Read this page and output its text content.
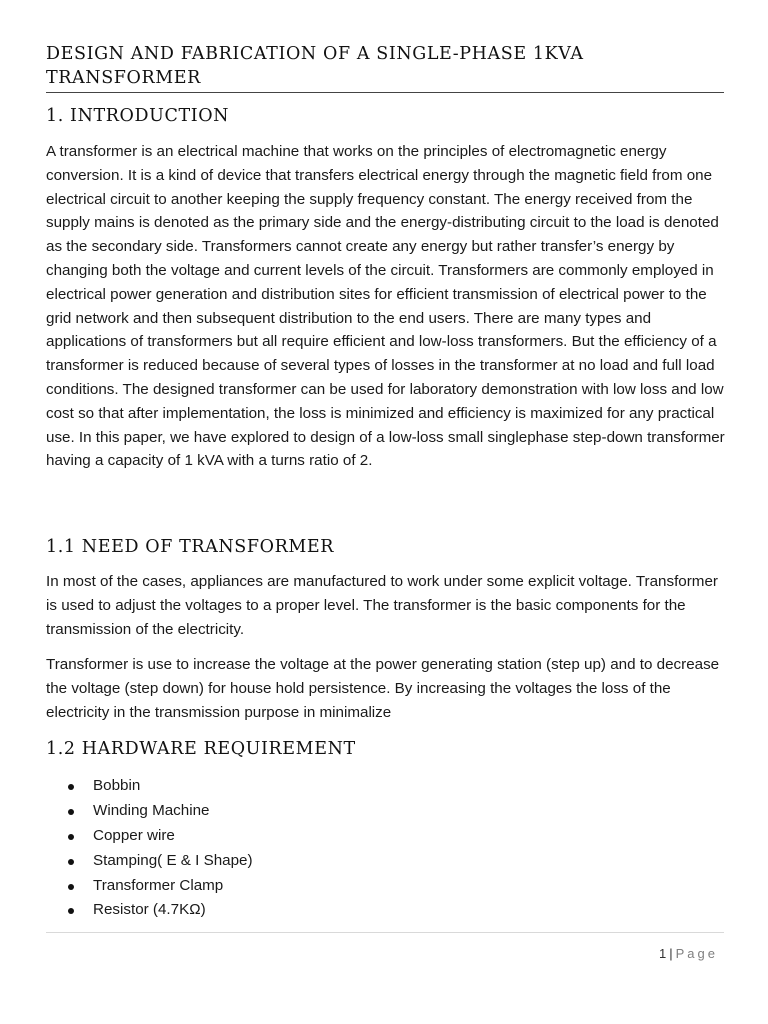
DESIGN AND FABRICATION OF A SINGLE-PHASE 1KVA TRANSFORMER
1. INTRODUCTION

A transformer is an electrical machine that works on the principles of electromagnetic energy conversion. It is a kind of device that transfers electrical energy through the magnetic field from one electrical circuit to another keeping the supply frequency constant. The energy received from the supply mains is denoted as the primary side and the energy-distributing circuit to the load is denoted as the secondary side. Transformers cannot create any energy but rather transfer’s energy by changing both the voltage and current levels of the circuit. Transformers are commonly employed in electrical power generation and distribution sites for efficient transmission of electrical power to the grid network and then subsequent distribution to the end users. There are many types and applications of transformers but all require efficient and low-loss transformers. But the efficiency of a transformer is reduced because of several types of losses in the transformer at no load and full load conditions. The designed transformer can be used for laboratory demonstration with low loss and low cost so that after implementation, the loss is minimized and efficiency is maximized for any practical use. In this paper, we have explored to design of a low-loss small singlephase step-down transformer having a capacity of 1 kVA with a turns ratio of 2.

1.1 NEED OF TRANSFORMER

In most of the cases, appliances are manufactured to work under some explicit voltage. Transformer is used to adjust the voltages to a proper level. The transformer is the basic components for the transmission of the electricity.

Transformer is use to increase the voltage at the power generating station (step up) and to decrease the voltage (step down) for house hold persistence. By increasing the voltages the loss of the electricity in the transmission purpose in minimalize

1.2 HARDWARE REQUIREMENT
Bobbin
Winding Machine
Copper wire
Stamping( E & I Shape)
Transformer Clamp
Resistor (4.7KΩ)
1 | Page
